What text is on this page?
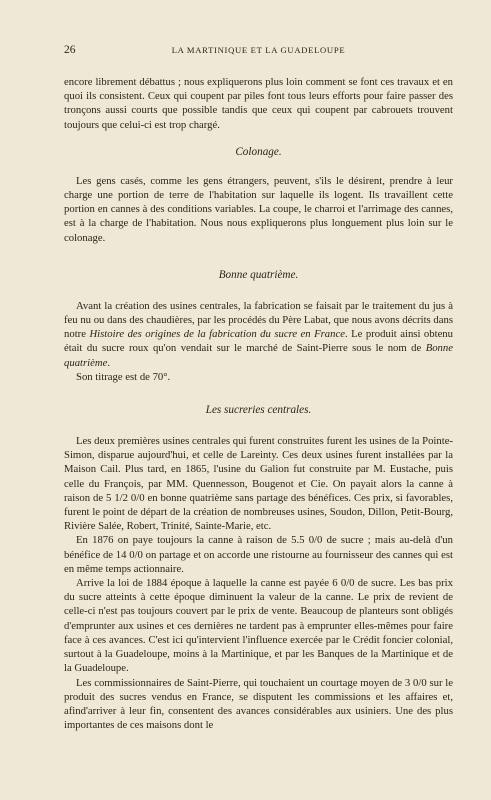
26	LA MARTINIQUE ET LA GUADELOUPE

encore librement débattus ; nous expliquerons plus loin comment se font ces travaux et en quoi ils consistent. Ceux qui coupent par piles font tous leurs efforts pour faire passer des tronçons aussi courts que possible tandis que ceux qui coupent par cabrouets trouvent toujours que celui-ci est trop chargé.

Colonage.

Les gens casés, comme les gens étrangers, peuvent, s'ils le désirent, prendre à leur charge une portion de terre de l'habitation sur laquelle ils logent. Ils travaillent cette portion en cannes à des conditions variables. La coupe, le charroi et l'arrimage des cannes, est à la charge de l'habitation. Nous nous expliquerons plus longuement plus loin sur le colonage.

Bonne quatrième.

Avant la création des usines centrales, la fabrication se faisait par le traitement du jus à feu nu ou dans des chaudières, par les procédés du Père Labat, que nous avons décrits dans notre Histoire des origines de la fabrication du sucre en France. Le produit ainsi obtenu était du sucre roux qu'on vendait sur le marché de Saint-Pierre sous le nom de Bonne quatrième.

Son titrage est de 70°.

Les sucreries centrales.

Les deux premières usines centrales qui furent construites furent les usines de la Pointe-Simon, disparue aujourd'hui, et celle de Lareinty. Ces deux usines furent installées par la Maison Cail. Plus tard, en 1865, l'usine du Galion fut construite par M. Eustache, puis celle du François, par MM. Quennesson, Bougenot et Cie. On payait alors la canne à raison de 5 1/2 0/0 en bonne quatrième sans partage des bénéfices. Ces prix, si favorables, furent le point de départ de la création de nombreuses usines, Soudon, Dillon, Petit-Bourg, Rivière Salée, Robert, Trinité, Sainte-Marie, etc.

En 1876 on paye toujours la canne à raison de 5.5 0/0 de sucre ; mais au-delà d'un bénéfice de 14 0/0 on partage et on accorde une ristourne au fournisseur des cannes qui est en même temps actionnaire.

Arrive la loi de 1884 époque à laquelle la canne est payée 6 0/0 de sucre. Les bas prix du sucre atteints à cette époque diminuent la valeur de la canne. Le prix de revient de celle-ci n'est pas toujours couvert par le prix de vente. Beaucoup de planteurs sont obligés d'emprunter aux usines et ces dernières ne tardent pas à emprunter elles-mêmes pour faire face à ces avances. C'est ici qu'intervient l'influence exercée par le Crédit foncier colonial, surtout à la Guadeloupe, moins à la Martinique, et par les Banques de la Martinique et de la Guadeloupe.

Les commissionnaires de Saint-Pierre, qui touchaient un courtage moyen de 3 0/0 sur le produit des sucres vendus en France, se disputent les commissions et les affaires et, afind'arriver à leur fin, consentent des avances considérables aux usiniers. Une des plus importantes de ces maisons dont le
